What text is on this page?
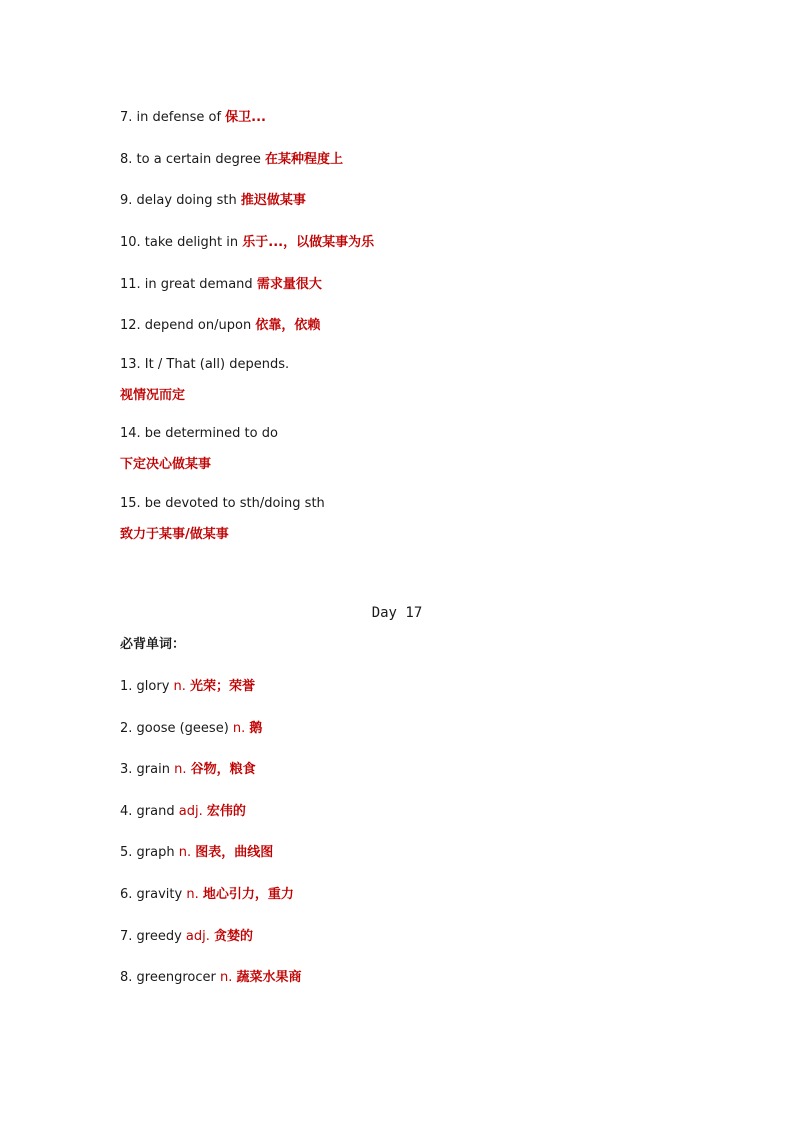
7. in defense of 保卫...
8. to a certain degree 在某种程度上
9. delay doing sth 推迟做某事
10. take delight in 乐于...，以做某事为乐
11. in great demand 需求量很大
12. depend on/upon 依靠，依赖
13. It / That (all) depends.
视情况而定
14. be determined to do
下定决心做某事
15. be devoted to sth/doing sth
致力于某事/做某事
Day 17
必背单词：
1. glory n. 光荣；荣誉
2. goose (geese) n. 鹅
3. grain n. 谷物，粮食
4. grand adj. 宏伟的
5. graph n. 图表，曲线图
6. gravity n. 地心引力，重力
7. greedy adj. 贪婪的
8. greengrocer n. 蔬菜水果商
